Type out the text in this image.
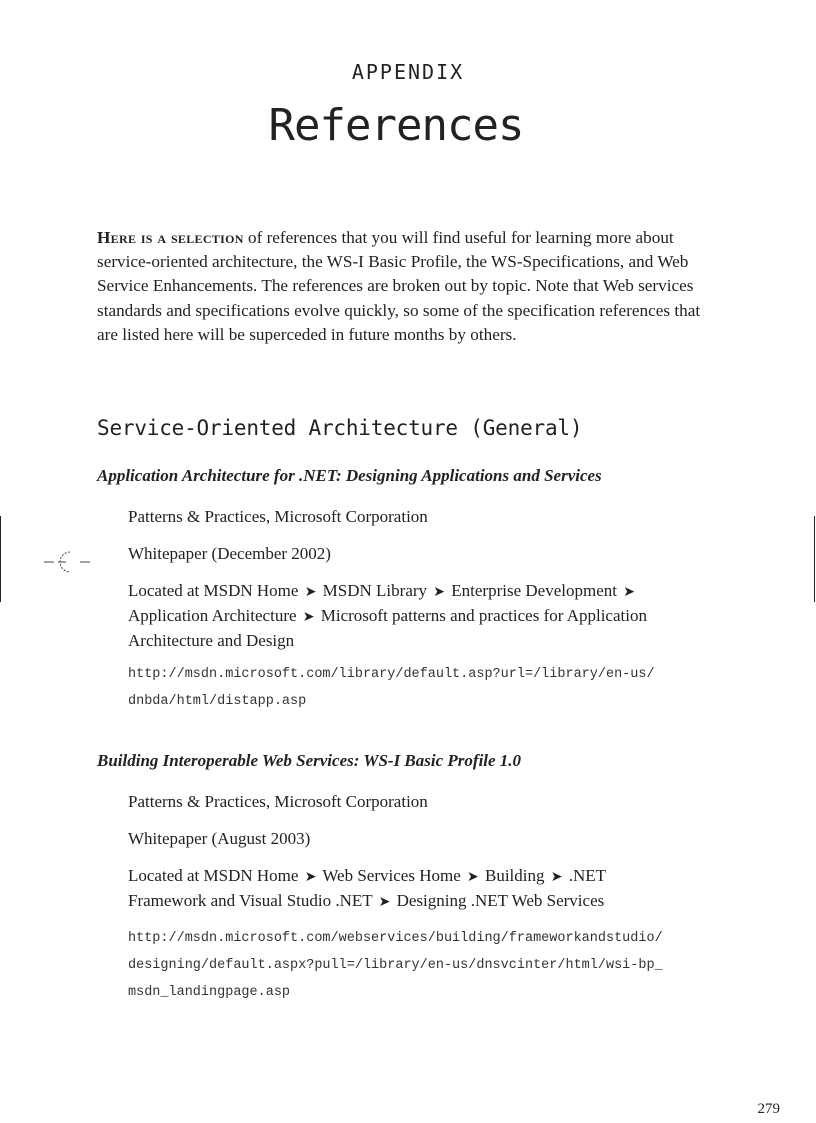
APPENDIX
References

Here is a selection of references that you will find useful for learning more about service-oriented architecture, the WS-I Basic Profile, the WS-Specifications, and Web Service Enhancements. The references are broken out by topic. Note that Web services standards and specifications evolve quickly, so some of the specification references that are listed here will be superceded in future months by others.

Service-Oriented Architecture (General)
Application Architecture for .NET: Designing Applications and Services

Patterns & Practices, Microsoft Corporation

Whitepaper (December 2002)

Located at MSDN Home ➤ MSDN Library ➤ Enterprise Development ➤ Application Architecture ➤ Microsoft patterns and practices for Application Architecture and Design

http://msdn.microsoft.com/library/default.asp?url=/library/en-us/
dnbda/html/distapp.asp

Building Interoperable Web Services: WS-I Basic Profile 1.0

Patterns & Practices, Microsoft Corporation

Whitepaper (August 2003)

Located at MSDN Home ➤ Web Services Home ➤ Building ➤ .NET Framework and Visual Studio .NET ➤ Designing .NET Web Services

http://msdn.microsoft.com/webservices/building/frameworkandstudio/
designing/default.aspx?pull=/library/en-us/dnsvcinter/html/wsi-bp_
msdn_landingpage.asp

279
